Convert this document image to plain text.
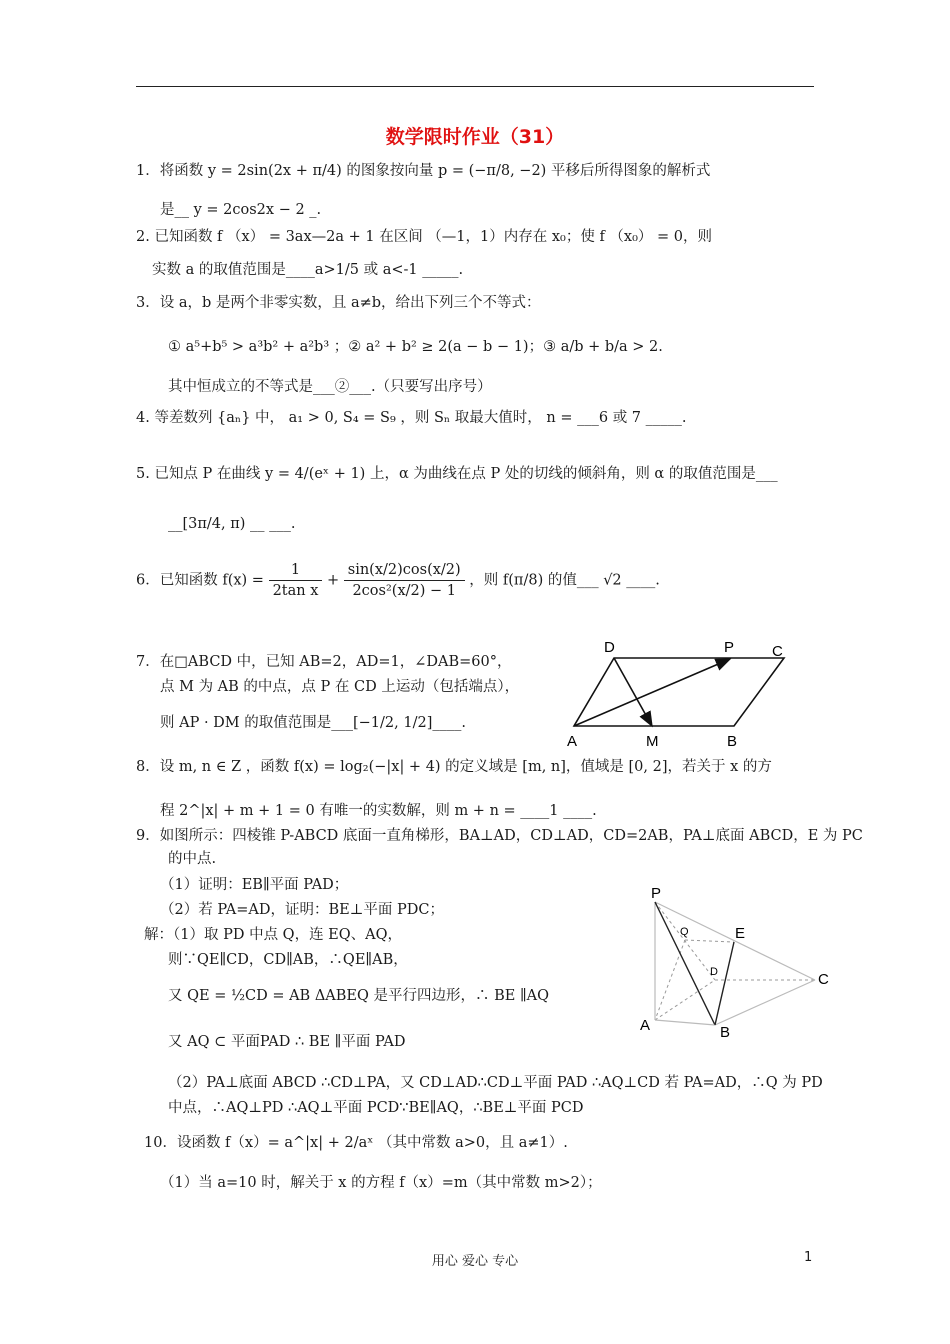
数学限时作业（31）
1．将函数 y = 2sin(2x + π/4) 的图象按向量 p = (−π/8, −2) 平移后所得图象的解析式
是__ y = 2cos2x − 2 _.
2. 已知函数 f （x） = 3ax—2a + 1 在区间 （—1，1）内存在 x₀；使 f （x₀） = 0，则
实数 a 的取值范围是____a>1/5 或 a<-1 _____.
3．设 a，b 是两个非零实数，且 a≠b，给出下列三个不等式：
① a⁵+b⁵ > a³b² + a²b³ ；② a² + b² ≥ 2(a − b − 1)；③ a/b + b/a > 2.
其中恒成立的不等式是___②___.（只要写出序号）
4. 等差数列 {aₙ} 中， a₁ > 0, S₄ = S₉ ，则 Sₙ 取最大值时， n = ___6 或 7 _____.
5. 已知点 P 在曲线 y = 4/(eˣ + 1) 上，α 为曲线在点 P 处的切线的倾斜角，则 α 的取值范围是___
__[3π/4, π) __ ___.
6．已知函数 $f(x) = \frac{1}{\text{2tan x}} + \frac{\sin(x/2)\cos(x/2)}{\text{2cos²(x/2) − 1}}$ ，则 f(π/8) 的值___ √2 ____.
7．在□ABCD 中，已知 AB=2，AD=1，∠DAB=60°，
点 M 为 AB 的中点，点 P 在 CD 上运动（包括端点），
则 AP · DM 的取值范围是___[−1/2, 1/2]____.
D	P	C
A	M	B
8．设 m, n ∈ Z ，函数 f(x) = log₂(−|x| + 4) 的定义域是 [m, n]，值域是 [0, 2]，若关于 x 的方
程 2^|x| + m + 1 = 0 有唯一的实数解，则 m + n = ____1 ____.
9．如图所示：四棱锥 P-ABCD 底面一直角梯形，BA⊥AD，CD⊥AD，CD=2AB，PA⊥底面 ABCD，E 为 PC
的中点.
（1）证明：EB∥平面 PAD；
（2）若 PA=AD，证明：BE⊥平面 PDC；
解：（1）取 PD 中点 Q，连 EQ、AQ，
则∵QE∥CD，CD∥AB，∴QE∥AB，
又 QE = ½CD = AB ΔABEQ 是平行四边形，∴ BE ∥AQ
又 AQ ⊂ 平面PAD ∴ BE ∥平面 PAD
（2）PA⊥底面 ABCD ∴CD⊥PA，又 CD⊥AD∴CD⊥平面 PAD ∴AQ⊥CD 若 PA=AD，∴Q 为 PD
中点，∴AQ⊥PD ∴AQ⊥平面 PCD∵BE∥AQ，∴BE⊥平面 PCD
P
Q	E
D	C
A	B
10．设函数 f（x）= a^|x| + 2/aˣ （其中常数 a>0，且 a≠1）.
（1）当 a=10 时，解关于 x 的方程 f（x）=m（其中常数 m>2）；
用心 爱心 专心	1
